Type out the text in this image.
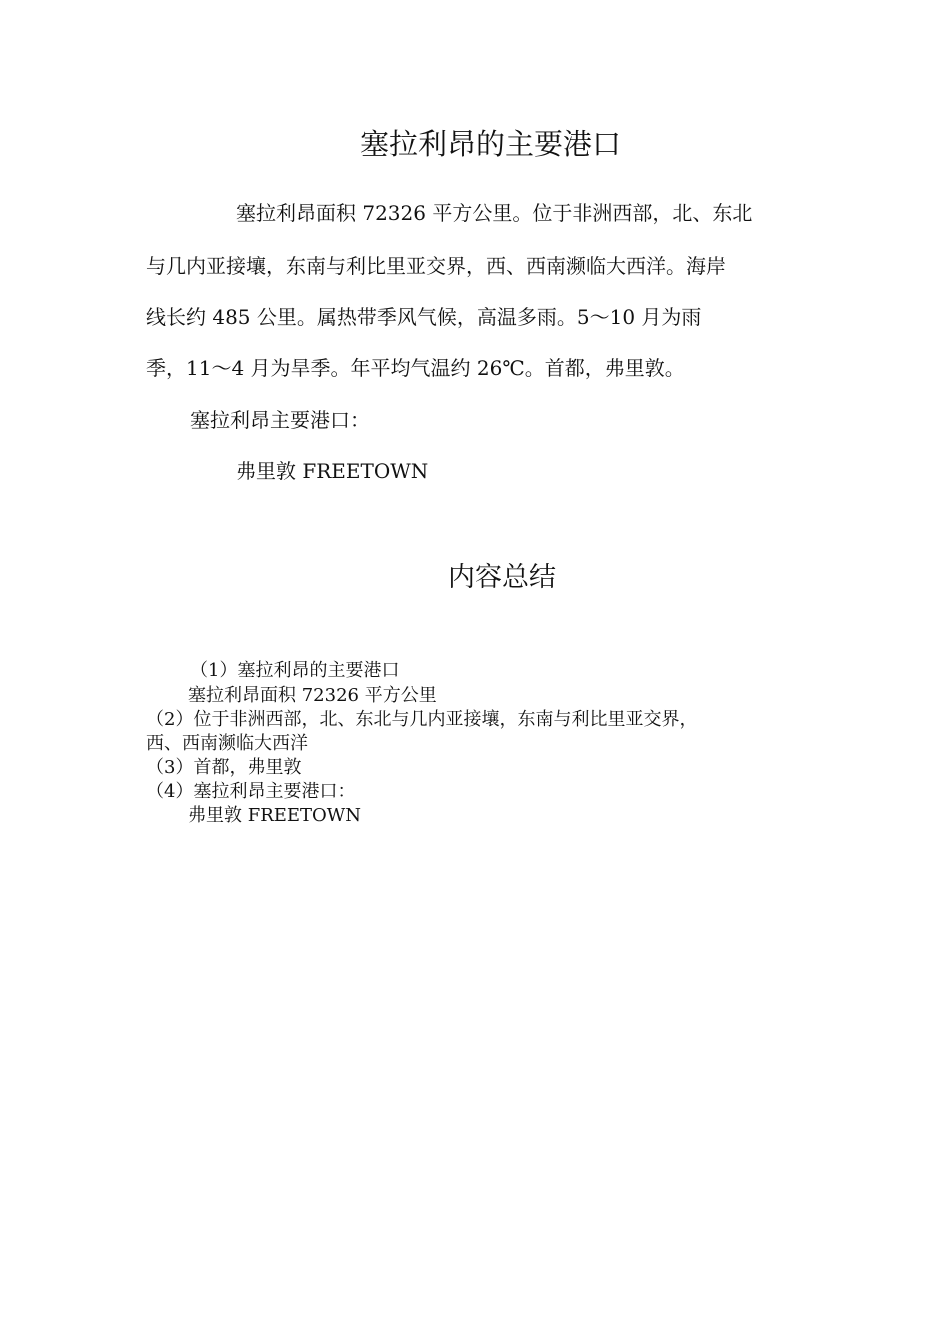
塞拉利昂的主要港口

塞拉利昂面积 72326 平方公里。位于非洲西部，北、东北

与几内亚接壤，东南与利比里亚交界，西、西南濒临大西洋。海岸

线长约 485 公里。属热带季风气候，高温多雨。5～10 月为雨

季，11～4 月为旱季。年平均气温约 26℃。首都，弗里敦。

塞拉利昂主要港口：

弗里敦 FREETOWN

内容总结

（1）塞拉利昂的主要港口

塞拉利昂面积 72326 平方公里

（2）位于非洲西部，北、东北与几内亚接壤，东南与利比里亚交界，

西、西南濒临大西洋

（3）首都，弗里敦

（4）塞拉利昂主要港口：

弗里敦 FREETOWN
